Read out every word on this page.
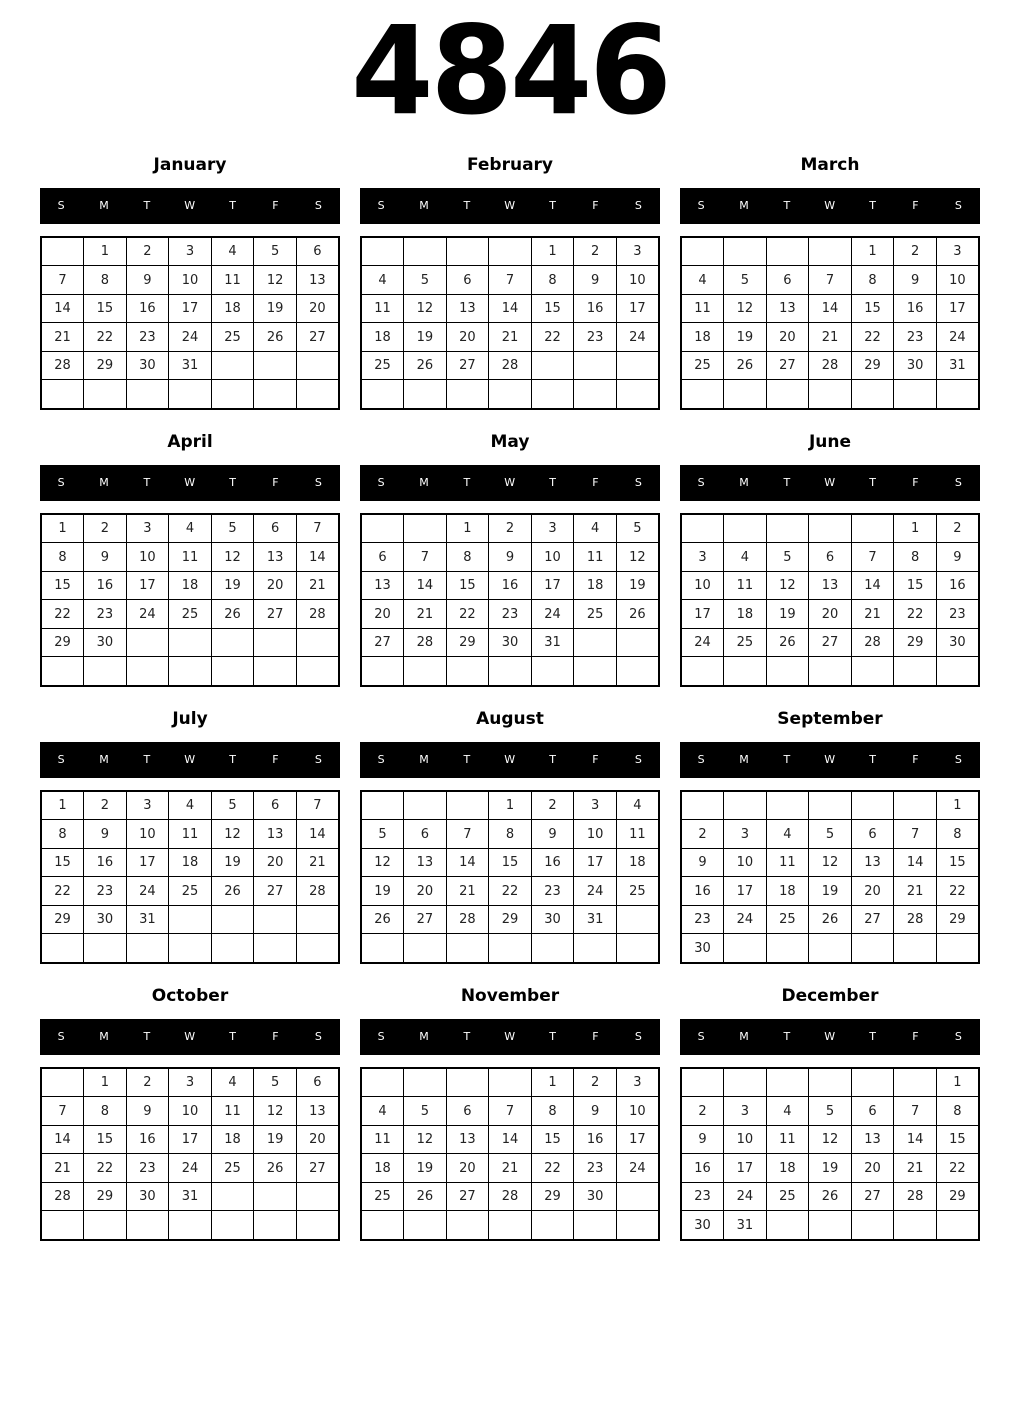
4846
January
S	M	T	W	T	F	S
	1	2	3	4	5	6
7	8	9	10	11	12	13
14	15	16	17	18	19	20
21	22	23	24	25	26	27
28	29	30	31			

February
S	M	T	W	T	F	S
				1	2	3
4	5	6	7	8	9	10
11	12	13	14	15	16	17
18	19	20	21	22	23	24
25	26	27	28			

March
S	M	T	W	T	F	S
				1	2	3
4	5	6	7	8	9	10
11	12	13	14	15	16	17
18	19	20	21	22	23	24
25	26	27	28	29	30	31

April
S	M	T	W	T	F	S
1	2	3	4	5	6	7
8	9	10	11	12	13	14
15	16	17	18	19	20	21
22	23	24	25	26	27	28
29	30					

May
S	M	T	W	T	F	S
		1	2	3	4	5
6	7	8	9	10	11	12
13	14	15	16	17	18	19
20	21	22	23	24	25	26
27	28	29	30	31		

June
S	M	T	W	T	F	S
					1	2
3	4	5	6	7	8	9
10	11	12	13	14	15	16
17	18	19	20	21	22	23
24	25	26	27	28	29	30

July
S	M	T	W	T	F	S
1	2	3	4	5	6	7
8	9	10	11	12	13	14
15	16	17	18	19	20	21
22	23	24	25	26	27	28
29	30	31				

August
S	M	T	W	T	F	S
			1	2	3	4
5	6	7	8	9	10	11
12	13	14	15	16	17	18
19	20	21	22	23	24	25
26	27	28	29	30	31	

September
S	M	T	W	T	F	S
						1
2	3	4	5	6	7	8
9	10	11	12	13	14	15
16	17	18	19	20	21	22
23	24	25	26	27	28	29
30						
October
S	M	T	W	T	F	S
	1	2	3	4	5	6
7	8	9	10	11	12	13
14	15	16	17	18	19	20
21	22	23	24	25	26	27
28	29	30	31			

November
S	M	T	W	T	F	S
				1	2	3
4	5	6	7	8	9	10
11	12	13	14	15	16	17
18	19	20	21	22	23	24
25	26	27	28	29	30	

December
S	M	T	W	T	F	S
						1
2	3	4	5	6	7	8
9	10	11	12	13	14	15
16	17	18	19	20	21	22
23	24	25	26	27	28	29
30	31					
